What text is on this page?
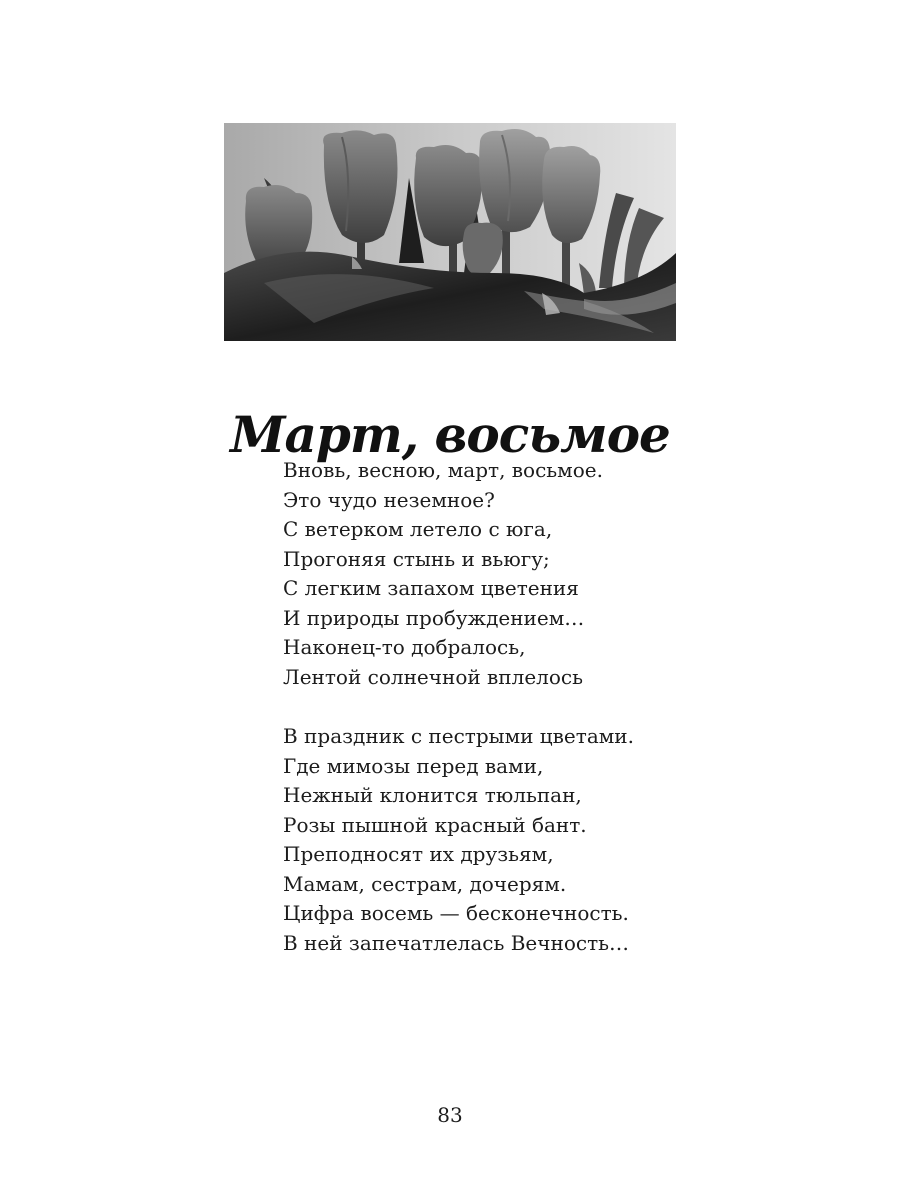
Март, восьмое

Вновь, весною, март, восьмое.
Это чудо неземное?
С ветерком летело с юга,
Прогоняя стынь и вьюгу;
С легким запахом цветения
И природы пробуждением…
Наконец-то добралось,
Лентой солнечной вплелось

В праздник с пестрыми цветами.
Где мимозы перед вами,
Нежный клонится тюльпан,
Розы пышной красный бант.
Преподносят их друзьям,
Мамам, сестрам, дочерям.
Цифра восемь — бесконечность.
В ней запечатлелась Вечность…

83
